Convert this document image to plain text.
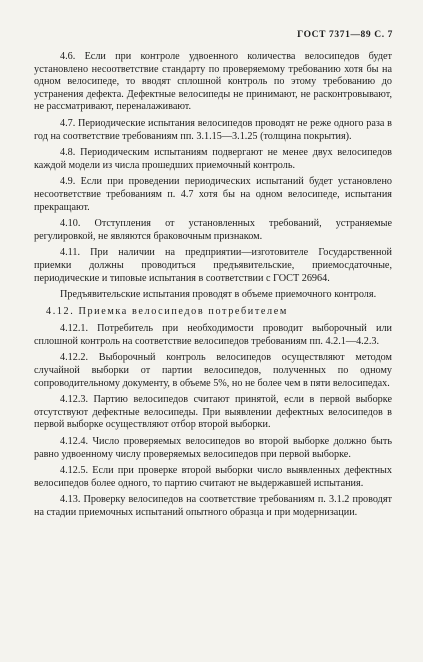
ГОСТ 7371—89 С. 7

4.6. Если при контроле удвоенного количества велосипедов будет установлено несоответствие стандарту по проверяемому требованию хотя бы на одном велосипеде, то вводят сплошной контроль по этому требованию до устранения дефекта. Дефектные велосипеды не принимают, не расконтровывают, не рассматривают, переналаживают.

4.7. Периодические испытания велосипедов проводят не реже одного раза в год на соответствие требованиям пп. 3.1.15—3.1.25 (толщина покрытия).

4.8. Периодическим испытаниям подвергают не менее двух велосипедов каждой модели из числа прошедших приемочный контроль.

4.9. Если при проведении периодических испытаний будет установлено несоответствие требованиям п. 4.7 хотя бы на одном велосипеде, испытания прекращают.

4.10. Отступления от установленных требований, устраняемые регулировкой, не являются браковочным признаком.

4.11. При наличии на предприятии—изготовителе Государственной приемки должны проводиться предъявительские, приемосдаточные, периодические и типовые испытания в соответствии с ГОСТ 26964.

Предъявительские испытания проводят в объеме приемочного контроля.

4.12. Приемка велосипедов потребителем

4.12.1. Потребитель при необходимости проводит выборочный или сплошной контроль на соответствие велосипедов требованиям пп. 4.2.1—4.2.3.

4.12.2. Выборочный контроль велосипедов осуществляют методом случайной выборки от партии велосипедов, полученных по одному сопроводительному документу, в объеме 5%, но не более чем в пяти велосипедах.

4.12.3. Партию велосипедов считают принятой, если в первой выборке отсутствуют дефектные велосипеды. При выявлении дефектных велосипедов в первой выборке осуществляют отбор второй выборки.

4.12.4. Число проверяемых велосипедов во второй выборке должно быть равно удвоенному числу проверяемых велосипедов при первой выборке.

4.12.5. Если при проверке второй выборки число выявленных дефектных велосипедов более одного, то партию считают не выдержавшей испытания.

4.13. Проверку велосипедов на соответствие требованиям п. 3.1.2 проводят на стадии приемочных испытаний опытного образца и при модернизации.
